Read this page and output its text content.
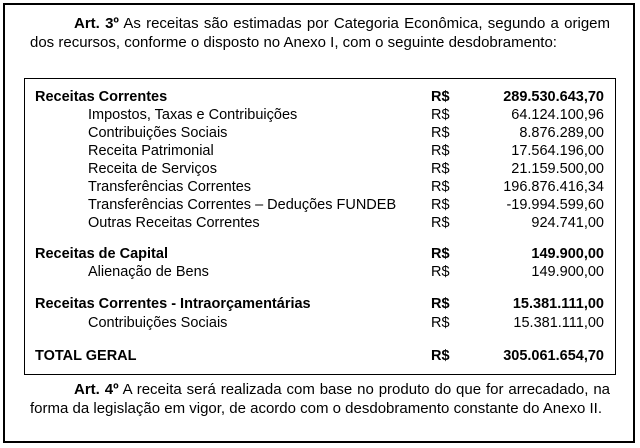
Art. 3º As receitas são estimadas por Categoria Econômica, segundo a origem dos recursos, conforme o disposto no Anexo I, com o seguinte desdobramento:
Receitas Correntes	R$	289.530.643,70
Impostos, Taxas e Contribuições	R$	64.124.100,96
Contribuições Sociais	R$	8.876.289,00
Receita Patrimonial	R$	17.564.196,00
Receita de Serviços	R$	21.159.500,00
Transferências Correntes	R$	196.876.416,34
Transferências Correntes – Deduções FUNDEB R$	-19.994.599,60
Outras Receitas Correntes	R$	924.741,00
Receitas de Capital	R$	149.900,00
Alienação de Bens	R$	149.900,00
Receitas Correntes - Intraorçamentárias	R$	15.381.111,00
Contribuições Sociais	R$	15.381.111,00
TOTAL GERAL	R$	305.061.654,70
Art. 4º A receita será realizada com base no produto do que for arrecadado, na forma da legislação em vigor, de acordo com o desdobramento constante do Anexo II.
